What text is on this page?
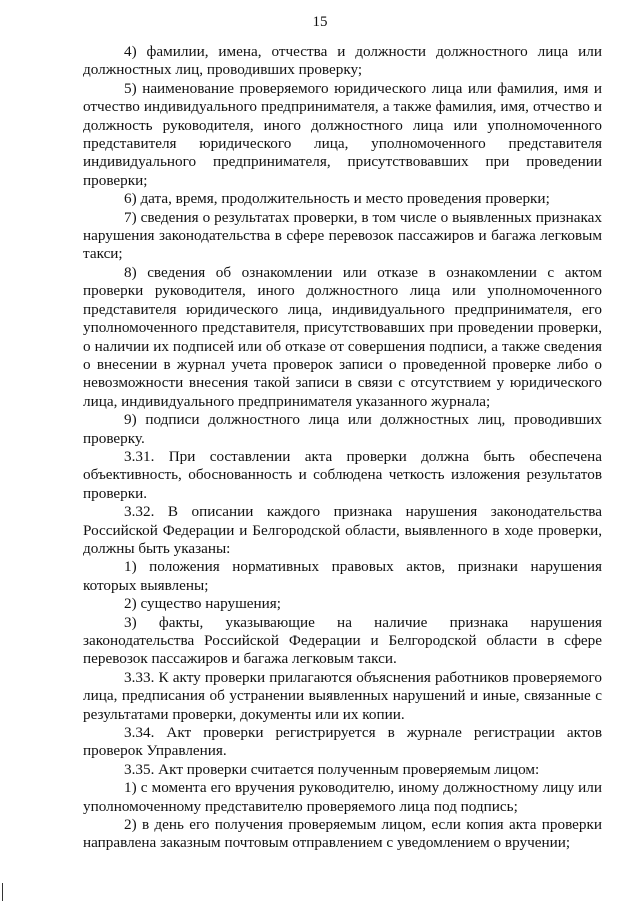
15

4) фамилии, имена, отчества и должности должностного лица или должностных лиц, проводивших проверку;

5) наименование проверяемого юридического лица или фамилия, имя и отчество индивидуального предпринимателя, а также фамилия, имя, отчество и должность руководителя, иного должностного лица или уполномоченного представителя юридического лица, уполномоченного представителя индивидуального предпринимателя, присутствовавших при проведении проверки;

6) дата, время, продолжительность и место проведения проверки;

7) сведения о результатах проверки, в том числе о выявленных признаках нарушения законодательства в сфере перевозок пассажиров и багажа легковым такси;

8) сведения об ознакомлении или отказе в ознакомлении с актом проверки руководителя, иного должностного лица или уполномоченного представителя юридического лица, индивидуального предпринимателя, его уполномоченного представителя, присутствовавших при проведении проверки, о наличии их подписей или об отказе от совершения подписи, а также сведения о внесении в журнал учета проверок записи о проведенной проверке либо о невозможности внесения такой записи в связи с отсутствием у юридического лица, индивидуального предпринимателя указанного журнала;

9) подписи должностного лица или должностных лиц, проводивших проверку.

3.31. При составлении акта проверки должна быть обеспечена объективность, обоснованность и соблюдена четкость изложения результатов проверки.

3.32. В описании каждого признака нарушения законодательства Российской Федерации и Белгородской области, выявленного в ходе проверки, должны быть указаны:

1) положения нормативных правовых актов, признаки нарушения которых выявлены;

2) существо нарушения;

3) факты, указывающие на наличие признака нарушения законодательства Российской Федерации и Белгородской области в сфере перевозок пассажиров и багажа легковым такси.

3.33. К акту проверки прилагаются объяснения работников проверяемого лица, предписания об устранении выявленных нарушений и иные, связанные с результатами проверки, документы или их копии.

3.34. Акт проверки регистрируется в журнале регистрации актов проверок Управления.

3.35. Акт проверки считается полученным проверяемым лицом:

1) с момента его вручения руководителю, иному должностному лицу или уполномоченному представителю проверяемого лица под подпись;

2) в день его получения проверяемым лицом, если копия акта проверки направлена заказным почтовым отправлением с уведомлением о вручении;
